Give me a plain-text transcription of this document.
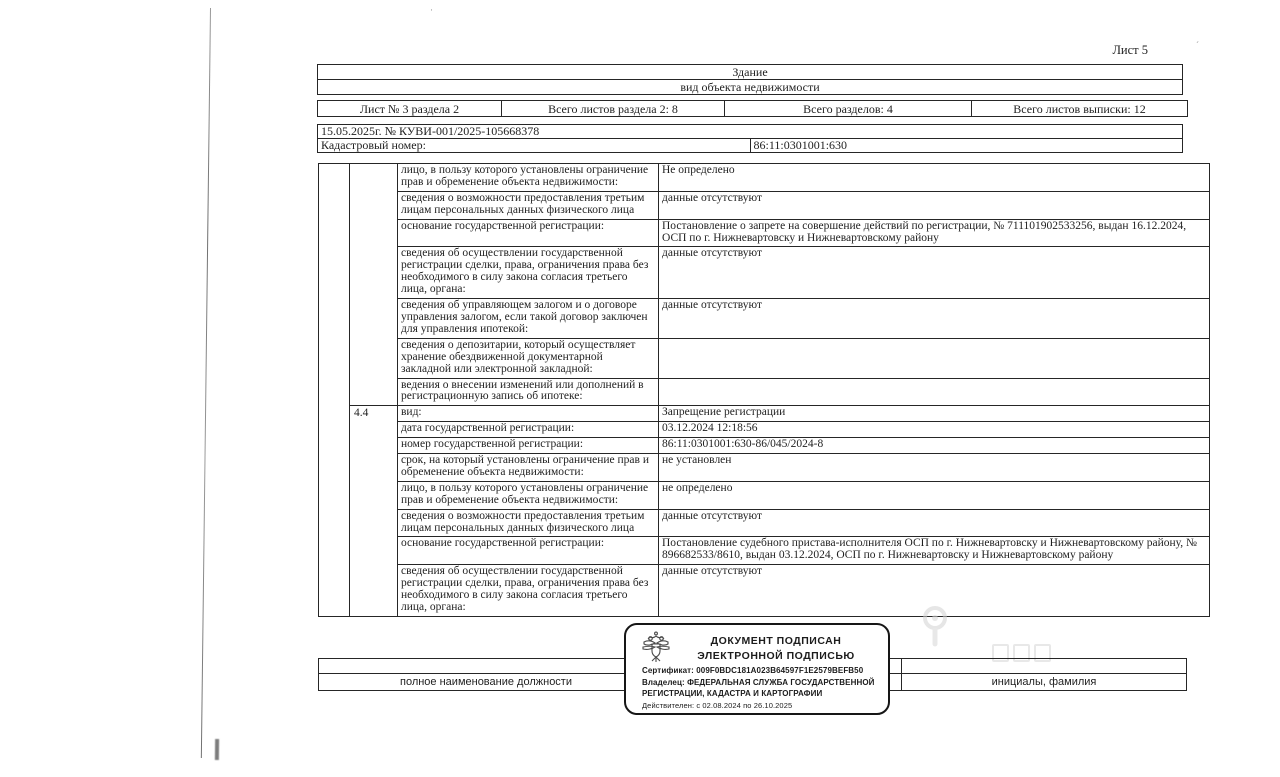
·
´
Лист 5
Здание
вид объекта недвижимости
Лист № 3 раздела 2	Всего листов раздела 2: 8	Всего разделов: 4	Всего листов выписки: 12
15.05.2025г. № КУВИ-001/2025-105668378
Кадастровый номер:	86:11:0301001:630
		лицо, в пользу которого установлены ограничение прав и обременение объекта недвижимости:	Не определено
		сведения о возможности предоставления третьим лицам персональных данных физического лица	данные отсутствуют
		основание государственной регистрации:	Постановление о запрете на совершение действий по регистрации, № 711101902533256, выдан 16.12.2024, ОСП по г. Нижневартовску и Нижневартовскому району
		сведения об осуществлении государственной регистрации сделки, права, ограничения права без необходимого в силу закона согласия третьего лица, органа:	данные отсутствуют
		сведения об управляющем залогом и о договоре управления залогом, если такой договор заключен для управления ипотекой:	данные отсутствуют
		сведения о депозитарии, который осуществляет хранение обездвиженной документарной закладной или электронной закладной:	
		ведения о внесении изменений или дополнений в регистрационную запись об ипотеке:	
	4.4	вид:	Запрещение регистрации
		дата государственной регистрации:	03.12.2024 12:18:56
		номер государственной регистрации:	86:11:0301001:630-86/045/2024-8
		срок, на который установлены ограничение прав и обременение объекта недвижимости:	не установлен
		лицо, в пользу которого установлены ограничение прав и обременение объекта недвижимости:	не определено
		сведения о возможности предоставления третьим лицам персональных данных физического лица	данные отсутствуют
		основание государственной регистрации:	Постановление судебного пристава-исполнителя ОСП по г. Нижневартовску и Нижневартовскому району, № 896682533/8610, выдан 03.12.2024, ОСП по г. Нижневартовску и Нижневартовскому району
		сведения об осуществлении государственной регистрации сделки, права, ограничения права без необходимого в силу закона согласия третьего лица, органа:	данные отсутствуют

полное наименование должности		инициалы, фамилия
ДОКУМЕНТ ПОДПИСАН
ЭЛЕКТРОННОЙ ПОДПИСЬЮ
Сертификат: 009F0BDC181A023B64597F1E2579BEFB50
Владелец: ФЕДЕРАЛЬНАЯ СЛУЖБА ГОСУДАРСТВЕННОЙ
РЕГИСТРАЦИИ, КАДАСТРА И КАРТОГРАФИИ
Действителен: с 02.08.2024 по 26.10.2025
